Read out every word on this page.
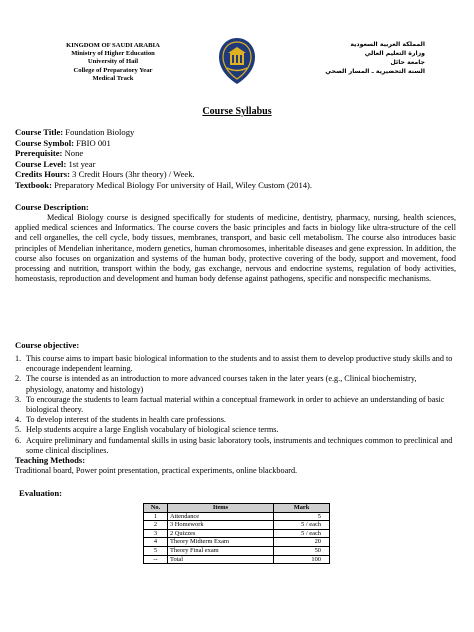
KINGDOM OF SAUDI ARABIA
Ministry of Higher Education
University of Hail
College of Preparatory Year
Medical Track
المملكة العربية السعودية
وزارة التعليم العالي
جامعة حائل
السنة التحضيرية ـ المسار الصحي
Course Syllabus
Course Title: Foundation Biology
Course Symbol: FBIO 001
Prerequisite: None
Course Level: 1st year
Credits Hours: 3 Credit Hours (3hr theory) / Week.
Textbook: Preparatory Medical Biology For university of Hail, Wiley Custom (2014).
Course Description:
Medical Biology course is designed specifically for students of medicine, dentistry, pharmacy, nursing, health sciences, applied medical sciences and Informatics. The course covers the basic principles and facts in biology like ultra-structure of the cell and cell organelles, the cell cycle, body tissues, membranes, transport, and basic cell metabolism. The course also introduces basic principles of Mendelian inheritance, modern genetics, human chromosomes, inheritable diseases and gene expression. In addition, the course also focuses on organization and systems of the human body, protective covering of the body, support and movement, food processing and nutrition, transport within the body, gas exchange, nervous and endocrine systems, regulation of body activities, homeostasis, reproduction and development and human body defense against pathogens, specific and nonspecific mechanisms.
Course objective:
1. This course aims to impart basic biological information to the students and to assist them to develop productive study skills and to encourage independent learning.
2. The course is intended as an introduction to more advanced courses taken in the later years (e.g., Clinical biochemistry, physiology, anatomy and histology)
3. To encourage the students to learn factual material within a conceptual framework in order to achieve an understanding of basic biological theory.
4. To develop interest of the students in health care professions.
5. Help students acquire a large English vocabulary of biological science terms.
6. Acquire preliminary and fundamental skills in using basic laboratory tools, instruments and techniques common to preclinical and some clinical disciplines.
Teaching Methods:
Traditional board, Power point presentation, practical experiments, online blackboard.
Evaluation:
No.	Items	Mark
1	Attendance	5
2	3 Homework	5 / each
3	2 Quizzes	5 / each
4	Theory Midterm Exam	20
5	Theory Final exam	50
--	Total	100
